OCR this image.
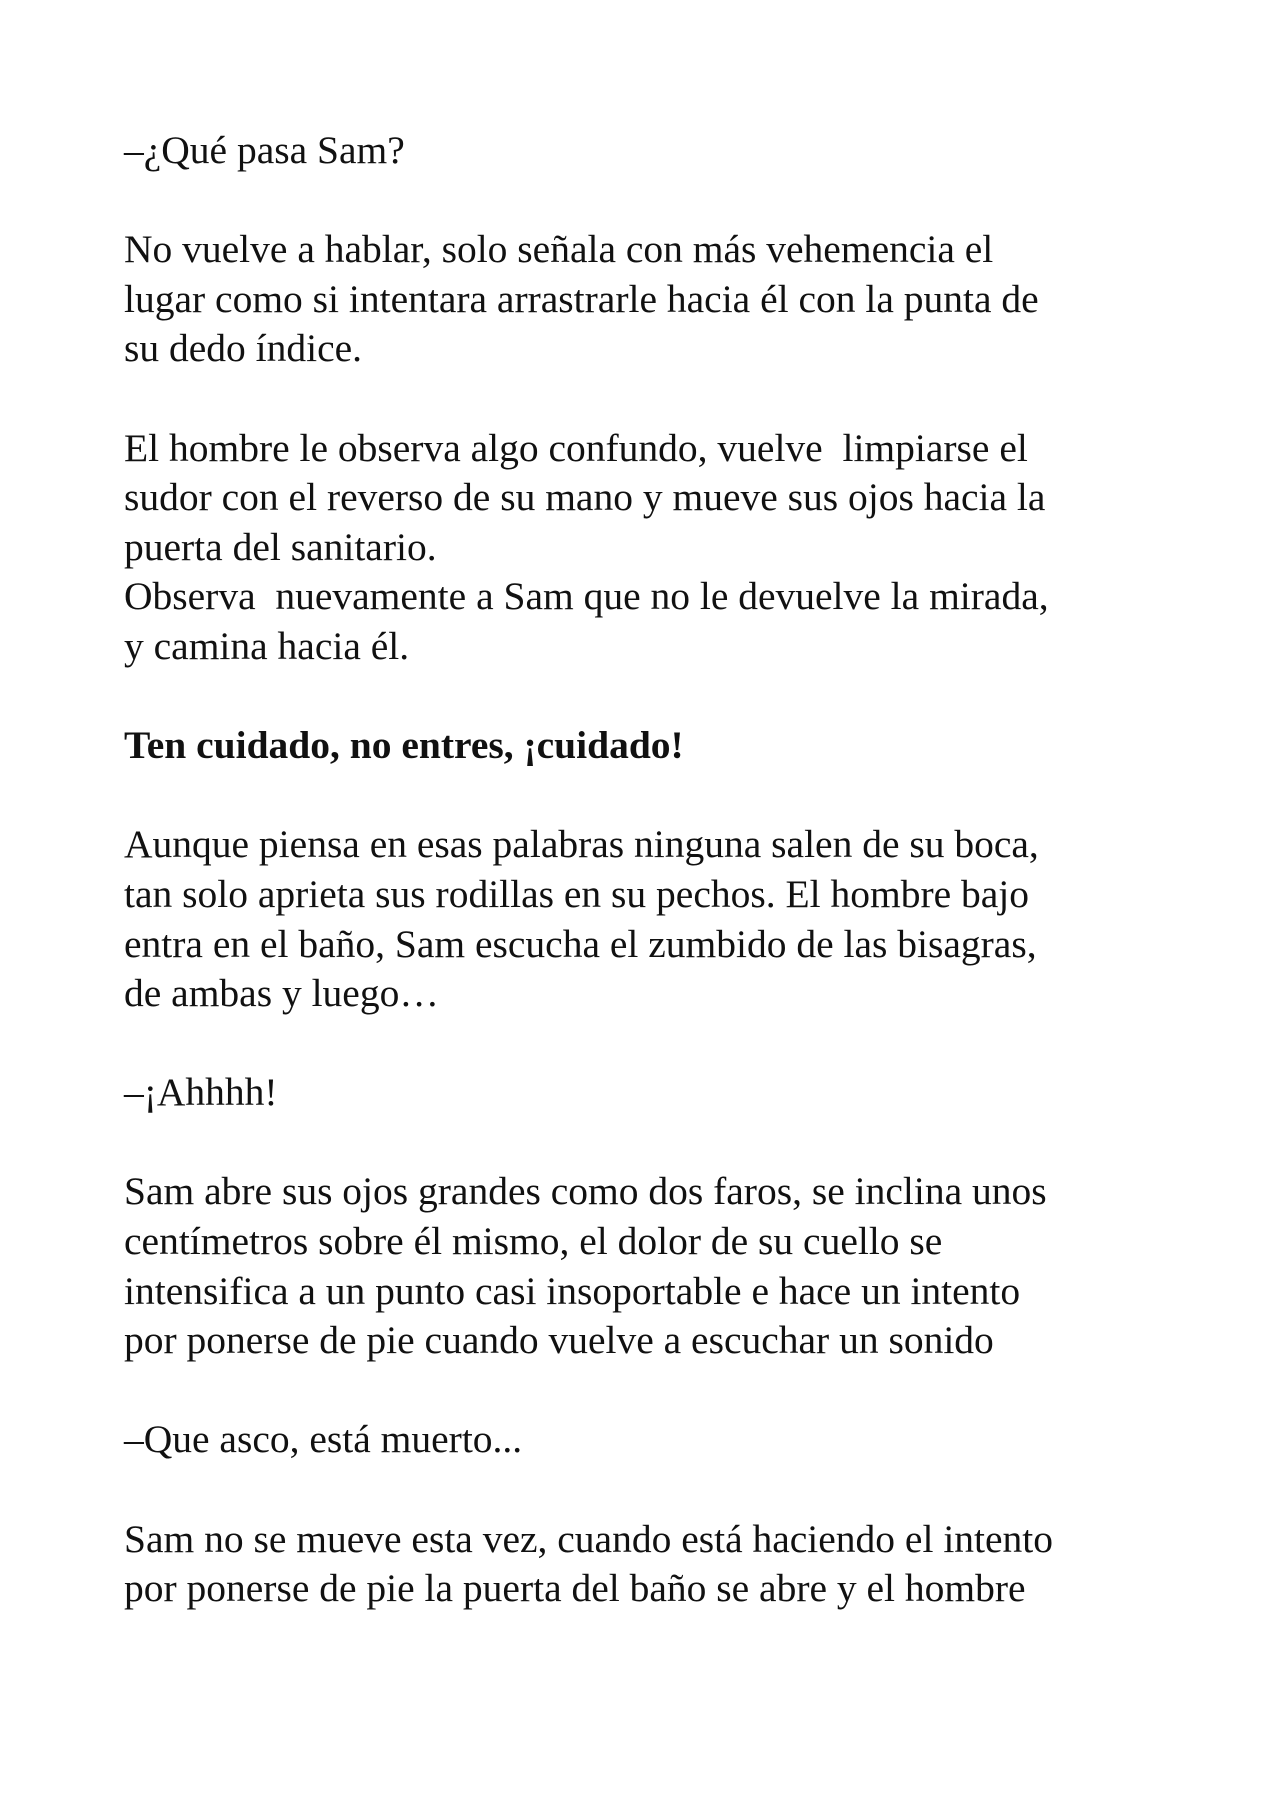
–¿Qué pasa Sam?

No vuelve a hablar, solo señala con más vehemencia el
lugar como si intentara arrastrarle hacia él con la punta de
su dedo índice.

El hombre le observa algo confundo, vuelve  limpiarse el
sudor con el reverso de su mano y mueve sus ojos hacia la
puerta del sanitario.

Observa  nuevamente a Sam que no le devuelve la mirada,
y camina hacia él.

Ten cuidado, no entres, ¡cuidado!

Aunque piensa en esas palabras ninguna salen de su boca,
tan solo aprieta sus rodillas en su pechos. El hombre bajo
entra en el baño, Sam escucha el zumbido de las bisagras,
de ambas y luego…

–¡Ahhhh!

Sam abre sus ojos grandes como dos faros, se inclina unos
centímetros sobre él mismo, el dolor de su cuello se
intensifica a un punto casi insoportable e hace un intento
por ponerse de pie cuando vuelve a escuchar un sonido

–Que asco, está muerto...

Sam no se mueve esta vez, cuando está haciendo el intento
por ponerse de pie la puerta del baño se abre y el hombre
